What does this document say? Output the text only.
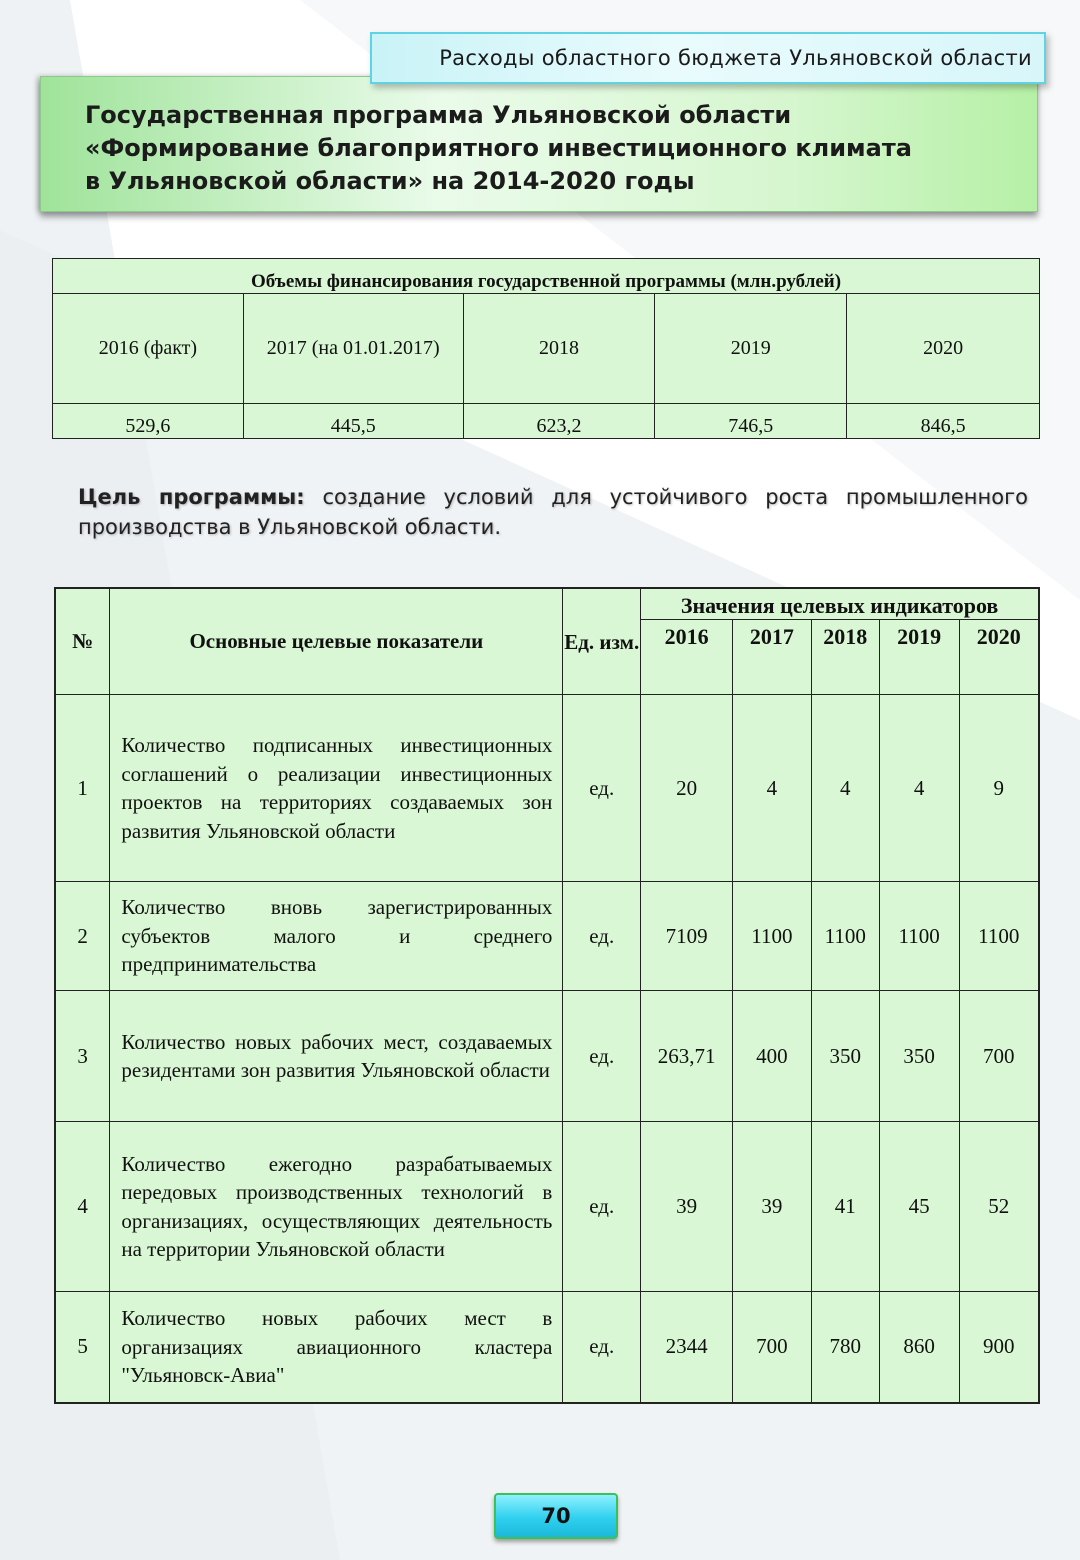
Расходы областного бюджета Ульяновской области
Государственная программа Ульяновской области
«Формирование благоприятного инвестиционного климата
в Ульяновской области» на 2014-2020 годы
Объемы финансирования государственной программы (млн.рублей)				
2016 (факт)	2017 (на 01.01.2017)	2018	2019	2020
529,6	445,5	623,2	746,5	846,5
Цель программы: создание условий для устойчивого роста промышленного производства в Ульяновской области.
№	Основные целевые показатели	Ед. изм.	Значения целевых индикаторов				
			2016	2017	2018	2019	2020
1	Количество подписанных инвестиционных соглашений о реализации инвестиционных проектов на территориях создаваемых зон развития Ульяновской области	ед.	20	4	4	4	9
2	Количество вновь зарегистрированных субъектов малого и среднего предпринимательства	ед.	7109	1100	1100	1100	1100
3	Количество новых рабочих мест, создаваемых резидентами зон развития Ульяновской области	ед.	263,71	400	350	350	700
4	Количество ежегодно разрабатываемых передовых производственных технологий в организациях, осуществляющих деятельность на территории Ульяновской области	ед.	39	39	41	45	52
5	Количество новых рабочих мест в организациях авиационного кластера "Ульяновск-Авиа"	ед.	2344	700	780	860	900
70
